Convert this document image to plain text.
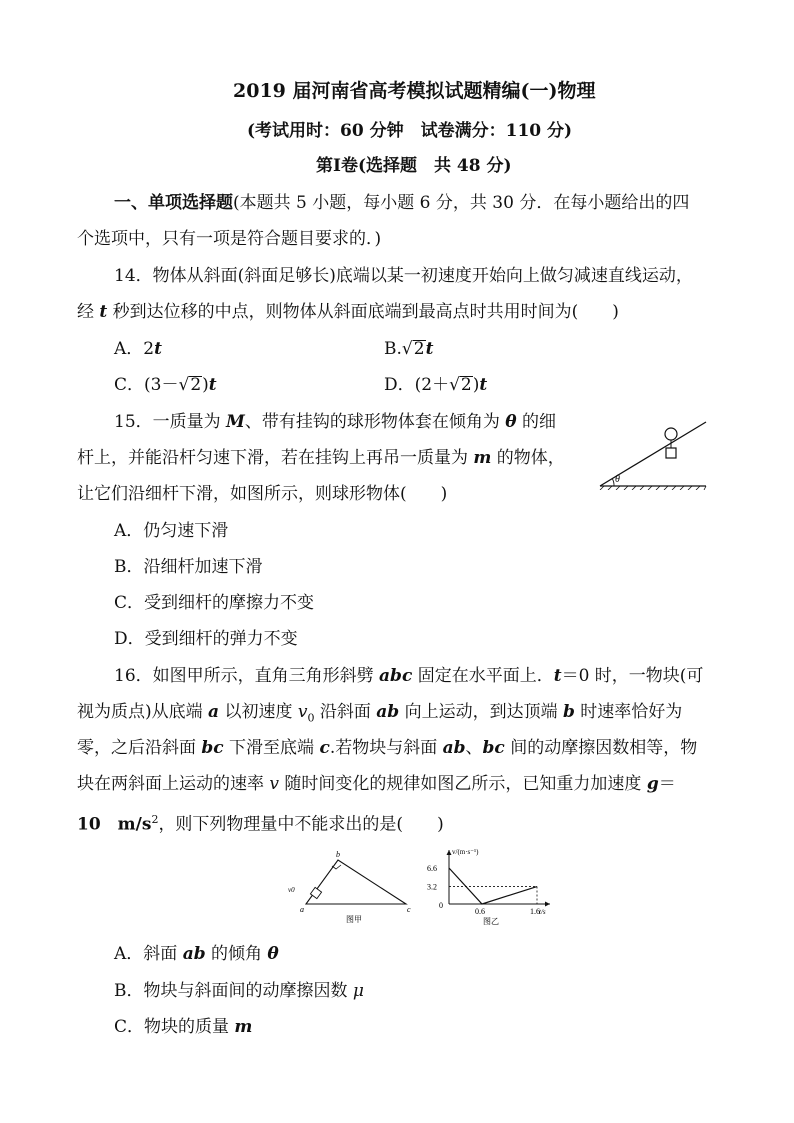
2019 届河南省高考模拟试题精编(一)物理
(考试用时：60 分钟　试卷满分：110 分)
第Ⅰ卷(选择题　共 48 分)
一、单项选择题(本题共 5 小题，每小题 6 分，共 30 分．在每小题给出的四
个选项中，只有一项是符合题目要求的．)
14．物体从斜面(斜面足够长)底端以某一初速度开始向上做匀减速直线运动，
经 t 秒到达位移的中点，则物体从斜面底端到最高点时共用时间为(　　)
A．2t	B.√2t
C．(3－√2)t	D．(2＋√2)t
15．一质量为 M、带有挂钩的球形物体套在倾角为 θ 的细
杆上，并能沿杆匀速下滑，若在挂钩上再吊一质量为 m 的物体，
让它们沿细杆下滑，如图所示，则球形物体(　　)
θ
A．仍匀速下滑
B．沿细杆加速下滑
C．受到细杆的摩擦力不变
D．受到细杆的弹力不变
16．如图甲所示，直角三角形斜劈 abc 固定在水平面上．t＝0 时，一物块(可
视为质点)从底端 a 以初速度 $v_0$ 沿斜面 ab 向上运动，到达顶端 b 时速率恰好为
零，之后沿斜面 bc 下滑至底端 c.若物块与斜面 ab、bc 间的动摩擦因数相等，物
块在两斜面上运动的速率 v 随时间变化的规律如图乙所示，已知重力加速度 g＝
10　$m/s^2$，则下列物理量中不能求出的是(　　)
b
a	c
v0
图甲
6.6
3.2
0
0.6	1.6 t/s
v/(m·s⁻¹)
图乙
A．斜面 ab 的倾角 θ
B．物块与斜面间的动摩擦因数 μ
C．物块的质量 m
